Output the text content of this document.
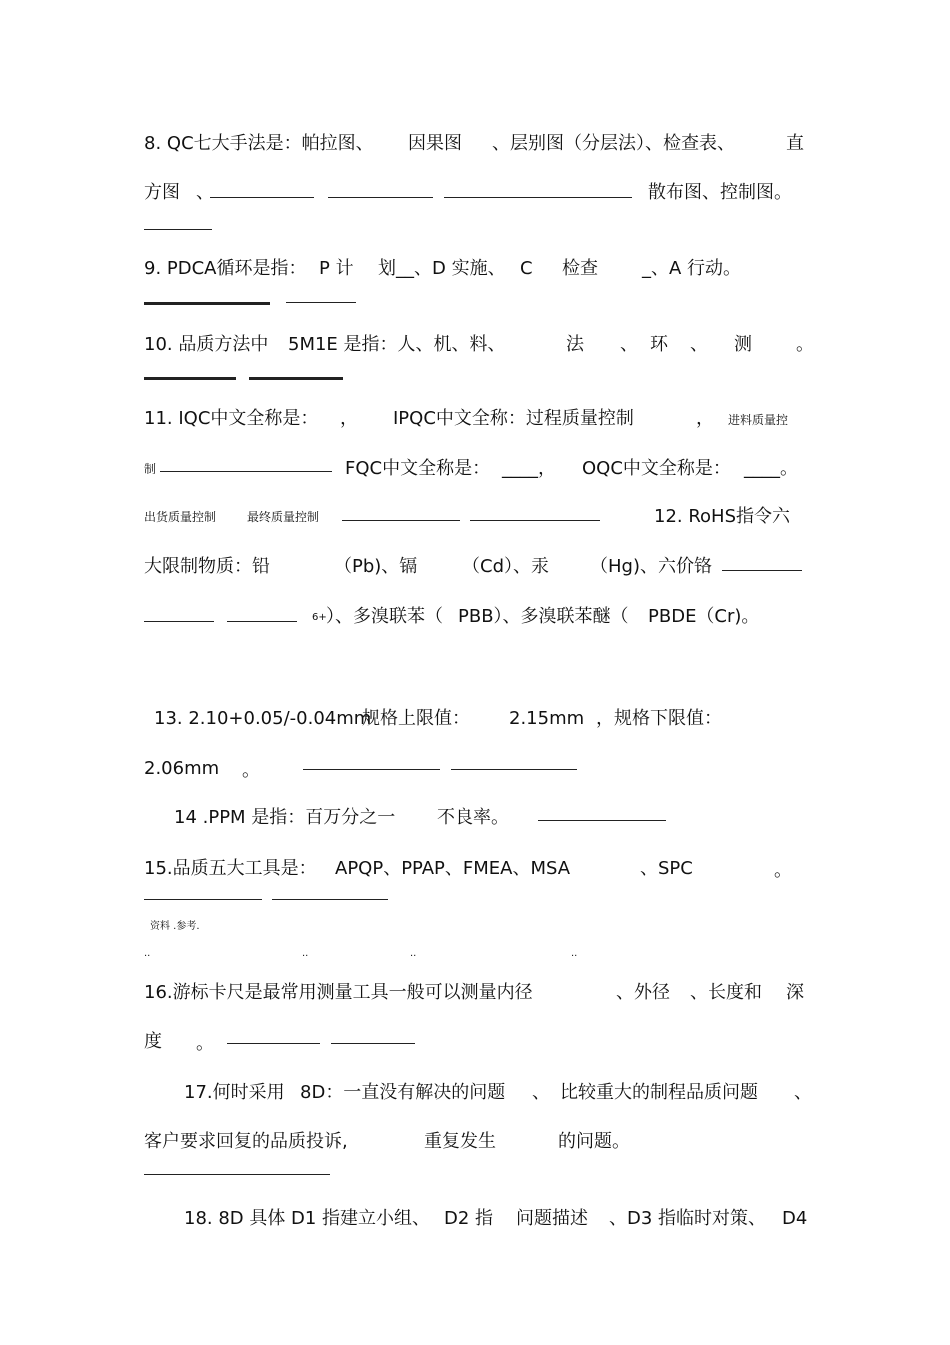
8. QC七大手法是：帕拉图、 因果图 、层别图（分层法）、检查表、	直
方图 、	散布图、控制图。
9. PDCA循环是指： P 计 划__、D 实施、 C 检查 _、A 行动。
10. 品质方法中 5M1E 是指：人、机、料、	法 、 环 、 测 。
11. IQC中文全称是： ， IPQC中文全称：过程质量控制	， 进料质量控
制	FQC中文全称是： ____， OQC中文全称是： ____。
出货质量控制	最终质量控制	12. RoHS指令六
大限制物质：铅	（Pb)、镉 （Cd）、汞 （Hg)、六价铬
6+ ）、多溴联苯（ PBB）、多溴联苯醚（ PBDE（Cr)。
13. 2.10+0.05/-0.04mm
规格上限值： 2.15mm ，规格下限值：
2.06mm 。
14 .PPM 是指：百万分之一 不良率。
15.品质五大工具是： APQP、PPAP、FMEA、MSA	、SPC	。
资料 .参考.
..	..	..	..
16.游标卡尺是最常用测量工具一般可以测量内径	、外径 、长度和 深
度 。
17.何时采用 8D：一直没有解决的问题 、 比较重大的制程品质问题 、
客户要求回复的品质投诉,	重复发生	的问题。
18. 8D 具体 D1 指建立小组、 D2 指 问题描述 、D3 指临时对策、 D4
